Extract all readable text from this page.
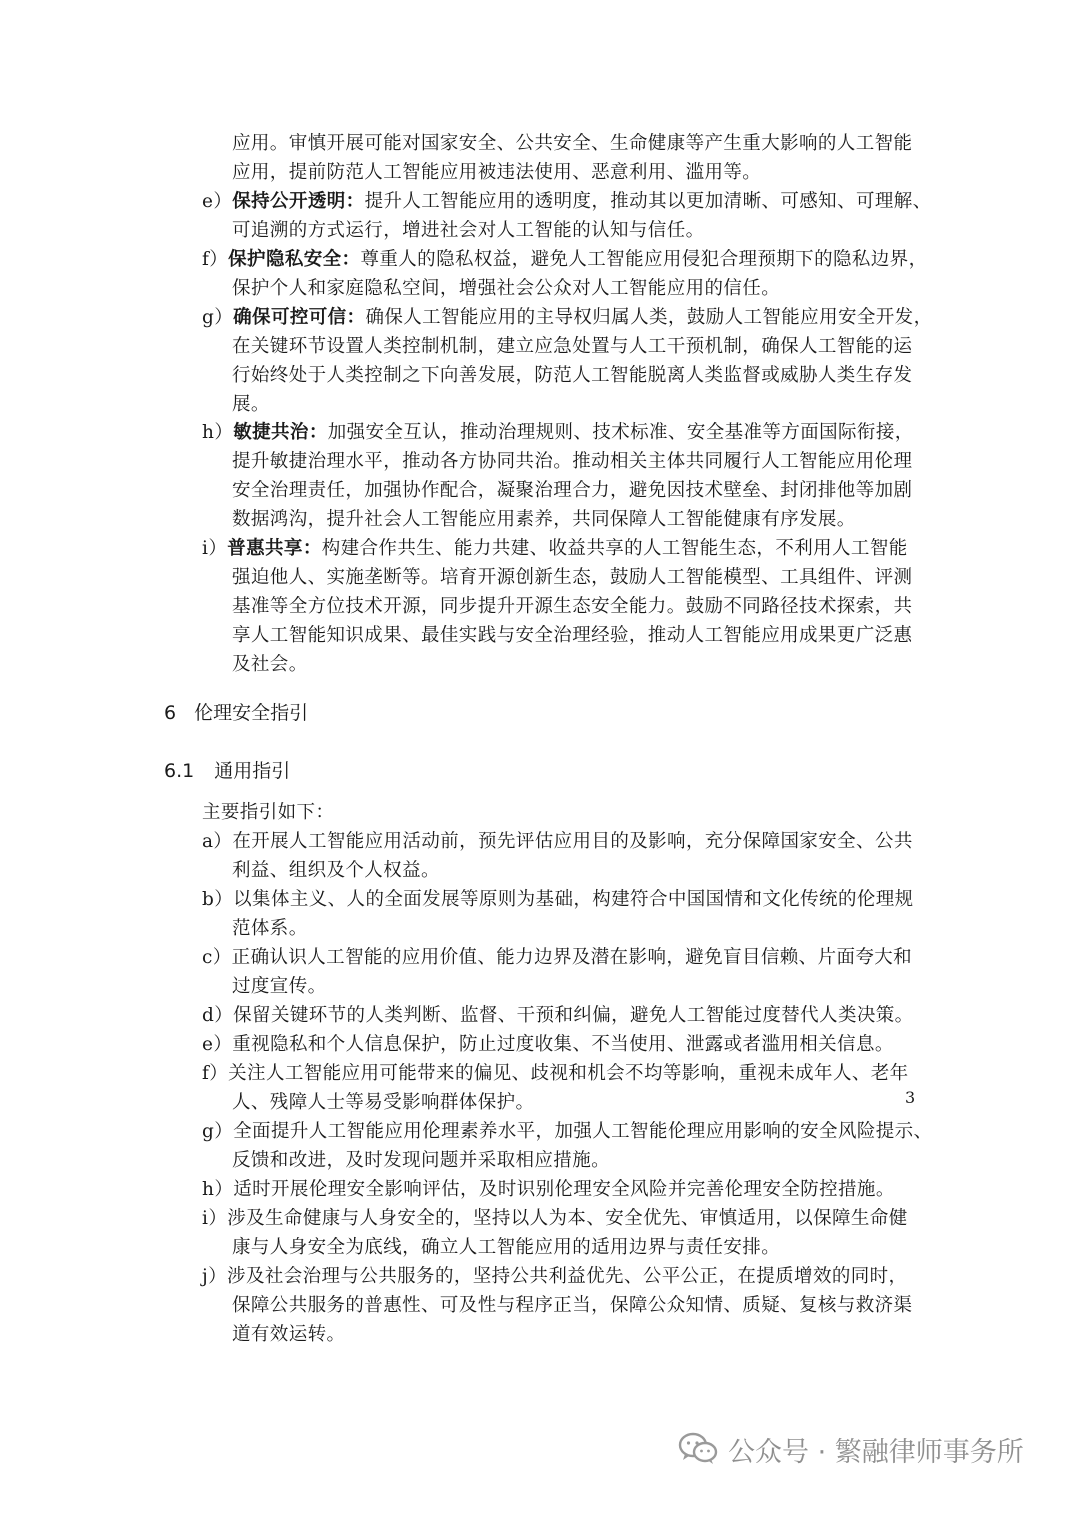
应用。审慎开展可能对国家安全、公共安全、生命健康等产生重大影响的人工智能
应用，提前防范人工智能应用被违法使用、恶意利用、滥用等。
e）保持公开透明：提升人工智能应用的透明度，推动其以更加清晰、可感知、可理解、
可追溯的方式运行，增进社会对人工智能的认知与信任。
f）保护隐私安全：尊重人的隐私权益，避免人工智能应用侵犯合理预期下的隐私边界，
保护个人和家庭隐私空间，增强社会公众对人工智能应用的信任。
g）确保可控可信：确保人工智能应用的主导权归属人类，鼓励人工智能应用安全开发，
在关键环节设置人类控制机制，建立应急处置与人工干预机制，确保人工智能的运
行始终处于人类控制之下向善发展，防范人工智能脱离人类监督或威胁人类生存发
展。
h）敏捷共治：加强安全互认，推动治理规则、技术标准、安全基准等方面国际衔接，
提升敏捷治理水平，推动各方协同共治。推动相关主体共同履行人工智能应用伦理
安全治理责任，加强协作配合，凝聚治理合力，避免因技术壁垒、封闭排他等加剧
数据鸿沟，提升社会人工智能应用素养，共同保障人工智能健康有序发展。
i）普惠共享：构建合作共生、能力共建、收益共享的人工智能生态，不利用人工智能
强迫他人、实施垄断等。培育开源创新生态，鼓励人工智能模型、工具组件、评测
基准等全方位技术开源，同步提升开源生态安全能力。鼓励不同路径技术探索，共
享人工智能知识成果、最佳实践与安全治理经验，推动人工智能应用成果更广泛惠
及社会。
6 伦理安全指引
6.1 通用指引
主要指引如下：
a）在开展人工智能应用活动前，预先评估应用目的及影响，充分保障国家安全、公共
利益、组织及个人权益。
b）以集体主义、人的全面发展等原则为基础，构建符合中国国情和文化传统的伦理规
范体系。
c）正确认识人工智能的应用价值、能力边界及潜在影响，避免盲目信赖、片面夸大和
过度宣传。
d）保留关键环节的人类判断、监督、干预和纠偏，避免人工智能过度替代人类决策。
e）重视隐私和个人信息保护，防止过度收集、不当使用、泄露或者滥用相关信息。
f）关注人工智能应用可能带来的偏见、歧视和机会不均等影响，重视未成年人、老年
人、残障人士等易受影响群体保护。
g）全面提升人工智能应用伦理素养水平，加强人工智能伦理应用影响的安全风险提示、
反馈和改进，及时发现问题并采取相应措施。
h）适时开展伦理安全影响评估，及时识别伦理安全风险并完善伦理安全防控措施。
i）涉及生命健康与人身安全的，坚持以人为本、安全优先、审慎适用，以保障生命健
康与人身安全为底线，确立人工智能应用的适用边界与责任安排。
j）涉及社会治理与公共服务的，坚持公共利益优先、公平公正，在提质增效的同时，
保障公共服务的普惠性、可及性与程序正当，保障公众知情、质疑、复核与救济渠
道有效运转。
3
公众号 · 繁融律师事务所
